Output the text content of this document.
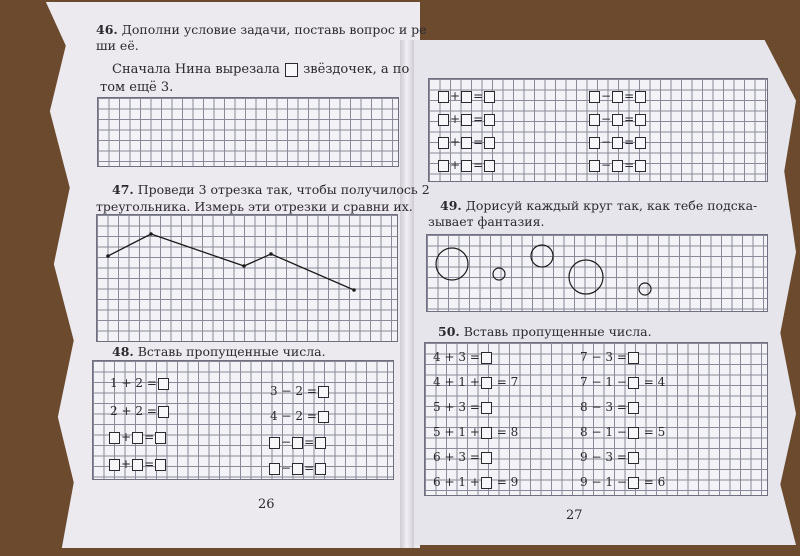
46. Дополни условие задачи, поставь вопрос и ре
ши её.
Сначала Нина вырезала звёздочек, а по
том ещё 3.
47. Проведи 3 отрезка так, чтобы получилось 2
треугольника. Измерь эти отрезки и сравни их.
48. Вставь пропущенные числа.
1 + 2 =
2 + 2 =
+ =
+ =
3 − 2 =
4 − 2 =
− =
− =
26
+ =
+ =
+ =
+ =
− =
− =
− =
− =
49. Дорисуй каждый круг так, как тебе подска-
зывает фантазия.
50. Вставь пропущенные числа.
4 + 3 =
4 + 1 + = 7
5 + 3 =
5 + 1 + = 8
6 + 3 =
6 + 1 + = 9
7 − 3 =
7 − 1 − = 4
8 − 3 =
8 − 1 − = 5
9 − 3 =
9 − 1 − = 6
27
